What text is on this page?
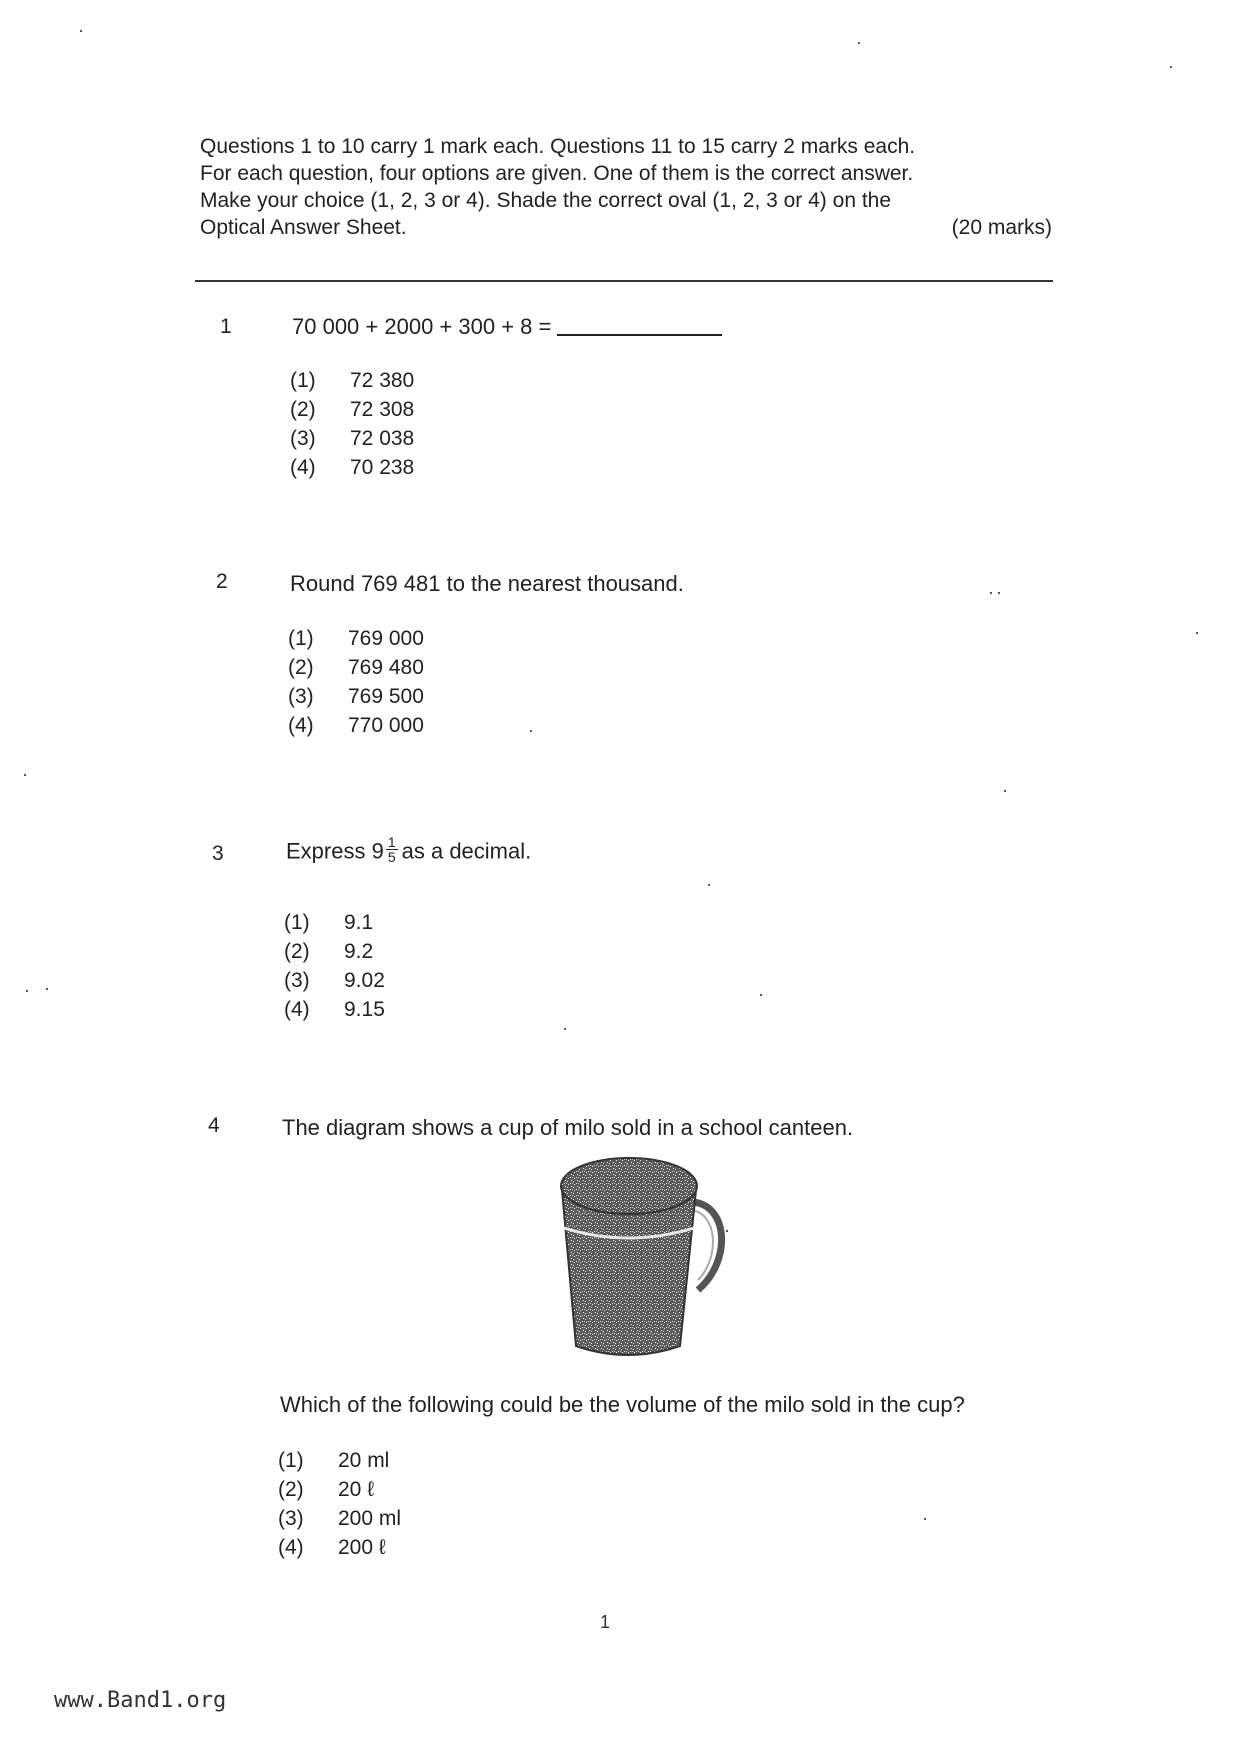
Questions 1 to 10 carry 1 mark each. Questions 11 to 15 carry 2 marks each.

For each question, four options are given. One of them is the correct answer.

Make your choice (1, 2, 3 or 4). Shade the correct oval (1, 2, 3 or 4) on the

Optical Answer Sheet.	(20 marks)

1	70 000 + 2000 + 300 + 8 =
(1)	72 380
(2)	72 308
(3)	72 038
(4)	70 238
2	Round 769 481 to the nearest thousand.
(1)	769 000
(2)	769 480
(3)	769 500
(4)	770 000
3	Express $9 \frac{1}{5}$ as a decimal.
(1)	9.1
(2)	9.2
(3)	9.02
(4)	9.15
4	The diagram shows a cup of milo sold in a school canteen.
Which of the following could be the volume of the milo sold in the cup?
(1)	20 ml
(2)	20 ℓ
(3)	200 ml
(4)	200 ℓ
1
www.Band1.org
